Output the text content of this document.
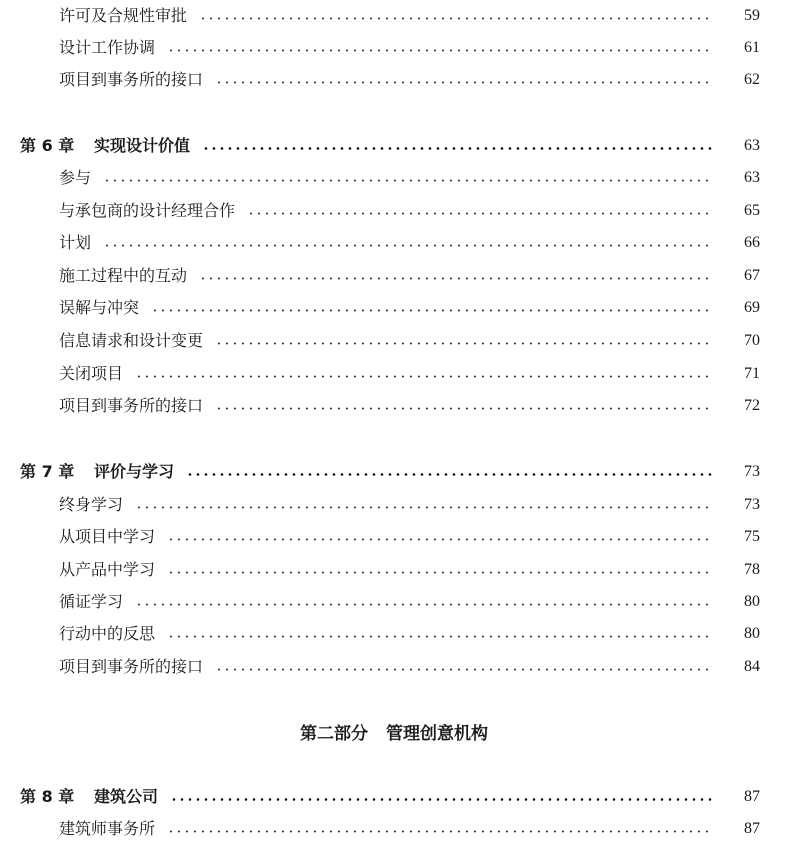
许可及合规性审批	59
设计工作协调	61
项目到事务所的接口	62
第 6 章 实现设计价值	63
参与	63
与承包商的设计经理合作	65
计划	66
施工过程中的互动	67
误解与冲突	69
信息请求和设计变更	70
关闭项目	71
项目到事务所的接口	72
第 7 章 评价与学习	73
终身学习	73
从项目中学习	75
从产品中学习	78
循证学习	80
行动中的反思	80
项目到事务所的接口	84
第 8 章 建筑公司	87
建筑师事务所	87
第二部分 管理创意机构
